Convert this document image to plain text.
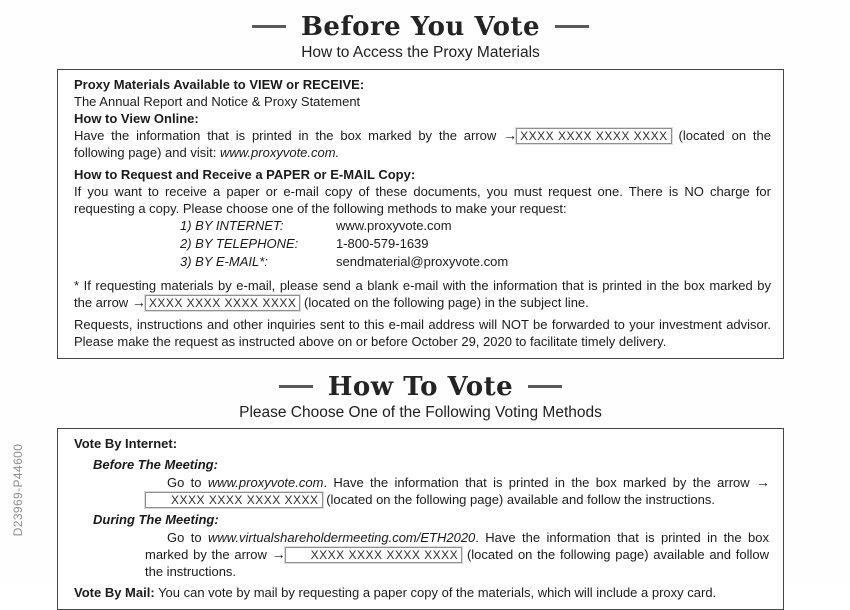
D23969-P44600
Before You Vote
How to Access the Proxy Materials
Proxy Materials Available to VIEW or RECEIVE:
The Annual Report and Notice & Proxy Statement
How to View Online:

Have the information that is printed in the box marked by the arrow → XXXX XXXX XXXX XXXX (located on the following page) and visit: www.proxyvote.com.

How to Request and Receive a PAPER or E-MAIL Copy:

If you want to receive a paper or e-mail copy of these documents, you must request one. There is NO charge for requesting a copy. Please choose one of the following methods to make your request:

1) BY INTERNET:	www.proxyvote.com
2) BY TELEPHONE:	1-800-579-1639
3) BY E-MAIL*:	sendmaterial@proxyvote.com

* If requesting materials by e-mail, please send a blank e-mail with the information that is printed in the box marked by the arrow → XXXX XXXX XXXX XXXX (located on the following page) in the subject line.

Requests, instructions and other inquiries sent to this e-mail address will NOT be forwarded to your investment advisor. Please make the request as instructed above on or before October 29, 2020 to facilitate timely delivery.

How To Vote
Please Choose One of the Following Voting Methods
Vote By Internet:
Before The Meeting:

Go to www.proxyvote.com. Have the information that is printed in the box marked by the arrow →XXXX XXXX XXXX XXXX (located on the following page) available and follow the instructions.

During The Meeting:

Go to www.virtualshareholdermeeting.com/ETH2020. Have the information that is printed in the box marked by the arrow → XXXX XXXX XXXX XXXX (located on the following page) available and follow the instructions.

Vote By Mail: You can vote by mail by requesting a paper copy of the materials, which will include a proxy card.
